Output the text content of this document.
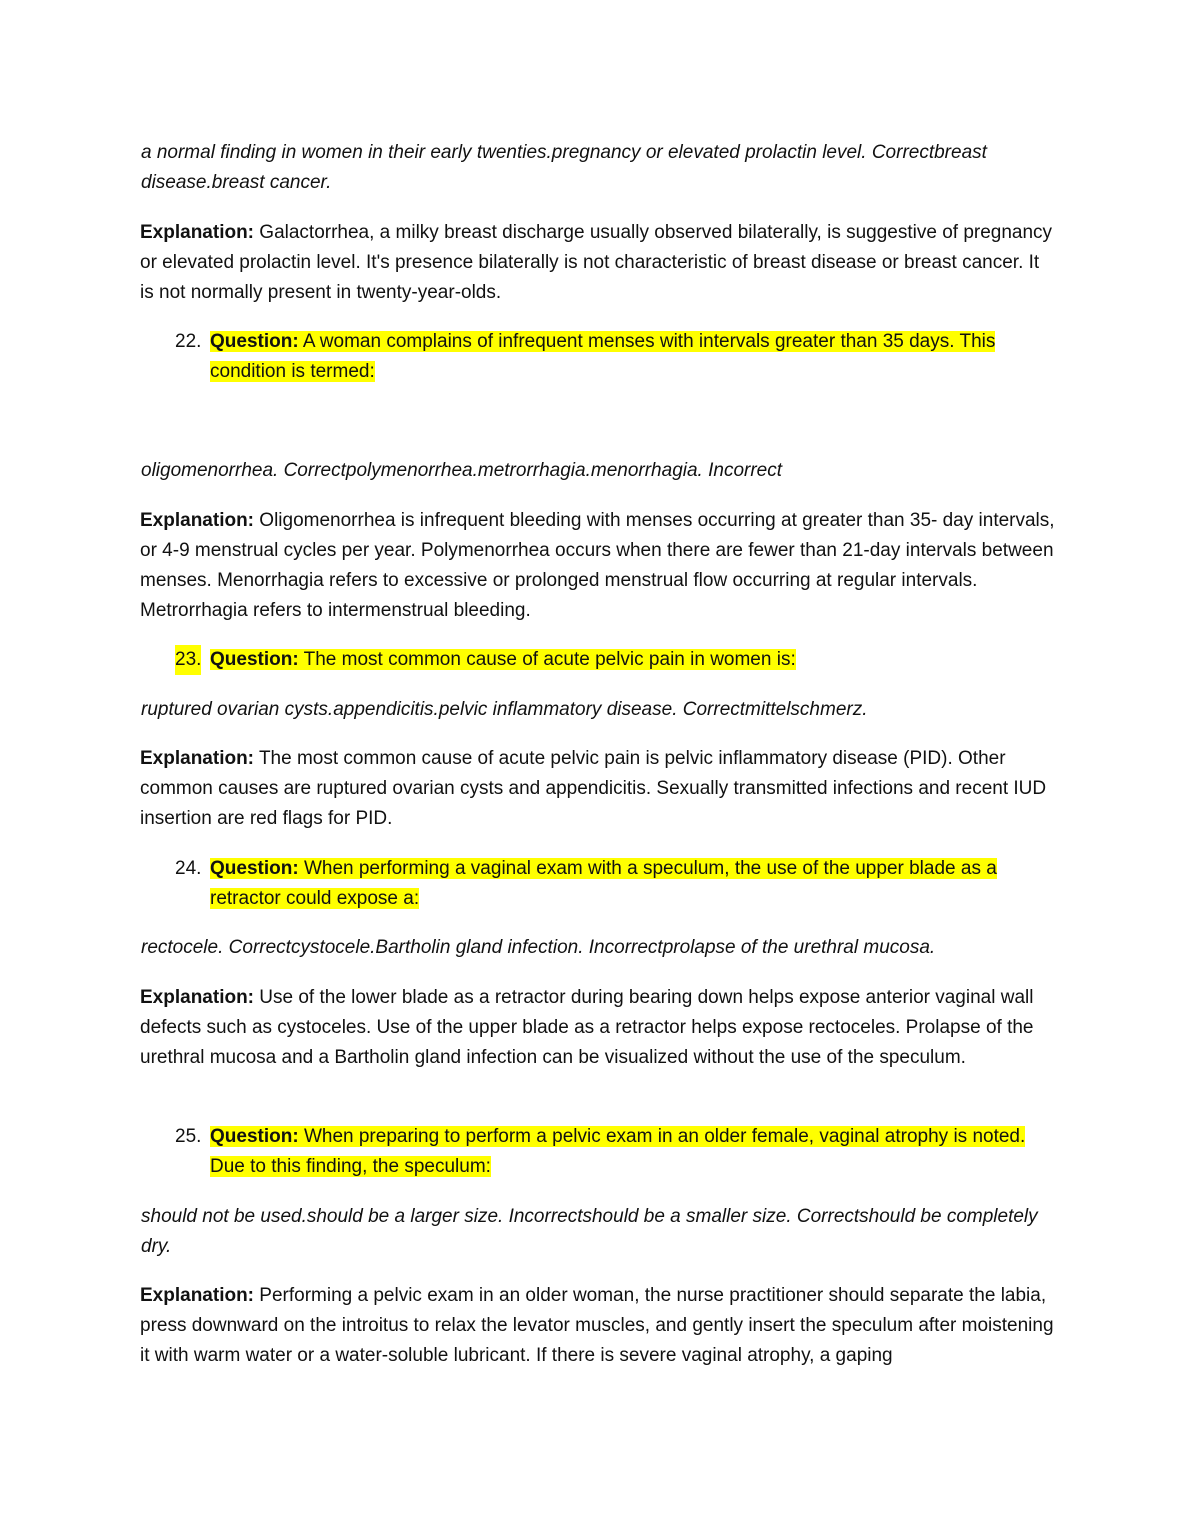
a normal finding in women in their early twenties.pregnancy or elevated prolactin level. Correctbreast disease.breast cancer.

Explanation: Galactorrhea, a milky breast discharge usually observed bilaterally, is suggestive of pregnancy or elevated prolactin level. It's presence bilaterally is not characteristic of breast disease or breast cancer. It is not normally present in twenty-year-olds.

22. Question: A woman complains of infrequent menses with intervals greater than 35 days. This condition is termed:

oligomenorrhea. Correctpolymenorrhea.metrorrhagia.menorrhagia. Incorrect

Explanation: Oligomenorrhea is infrequent bleeding with menses occurring at greater than 35- day intervals, or 4-9 menstrual cycles per year. Polymenorrhea occurs when there are fewer than 21-day intervals between menses. Menorrhagia refers to excessive or prolonged menstrual flow occurring at regular intervals. Metrorrhagia refers to intermenstrual bleeding.

23. Question: The most common cause of acute pelvic pain in women is:

ruptured ovarian cysts.appendicitis.pelvic inflammatory disease. Correctmittelschmerz.

Explanation: The most common cause of acute pelvic pain is pelvic inflammatory disease (PID). Other common causes are ruptured ovarian cysts and appendicitis. Sexually transmitted infections and recent IUD insertion are red flags for PID.

24. Question: When performing a vaginal exam with a speculum, the use of the upper blade as a retractor could expose a:

rectocele. Correctcystocele.Bartholin gland infection. Incorrectprolapse of the urethral mucosa.

Explanation: Use of the lower blade as a retractor during bearing down helps expose anterior vaginal wall defects such as cystoceles. Use of the upper blade as a retractor helps expose rectoceles. Prolapse of the urethral mucosa and a Bartholin gland infection can be visualized without the use of the speculum.

25. Question: When preparing to perform a pelvic exam in an older female, vaginal atrophy is noted. Due to this finding, the speculum:

should not be used.should be a larger size. Incorrectshould be a smaller size. Correctshould be completely dry.

Explanation: Performing a pelvic exam in an older woman, the nurse practitioner should separate the labia, press downward on the introitus to relax the levator muscles, and gently insert the speculum after moistening it with warm water or a water-soluble lubricant. If there is severe vaginal atrophy, a gaping
